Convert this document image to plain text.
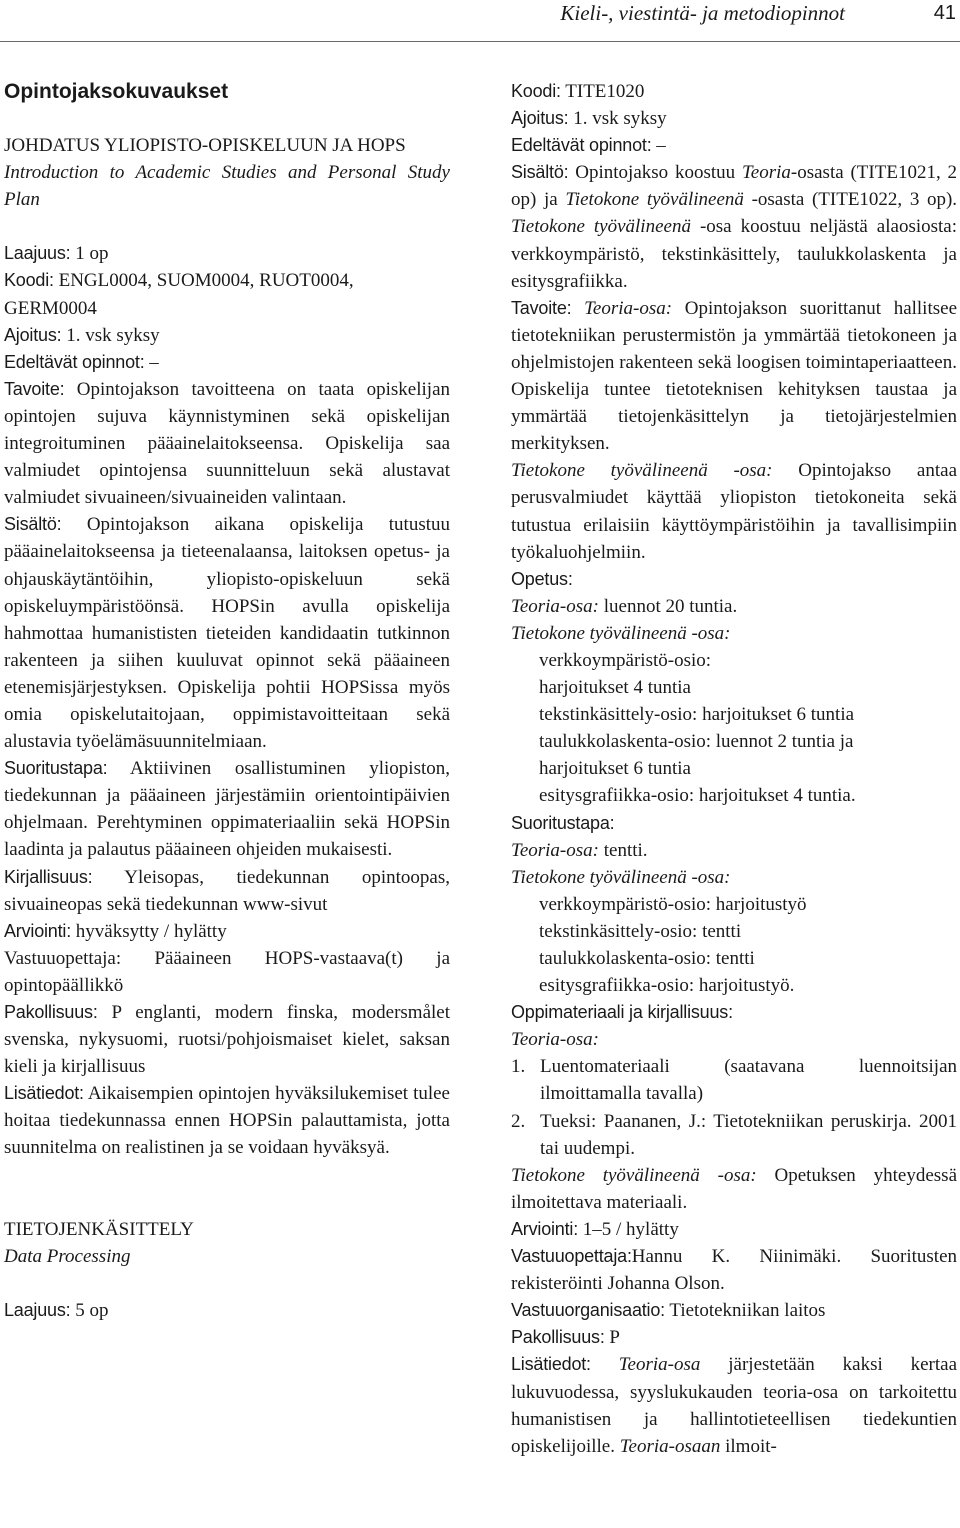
Kieli-, viestintä- ja metodiopinnot	41
Opintojaksokuvaukset

JOHDATUS YLIOPISTO-OPISKELUUN JA HOPS

Introduction to Academic Studies and Personal Study Plan

Laajuus: 1 op

Koodi: ENGL0004, SUOM0004, RUOT0004, GERM0004

Ajoitus: 1. vsk syksy

Edeltävät opinnot: –

Tavoite: Opintojakson tavoitteena on taata opiskelijan opintojen sujuva käynnistyminen sekä opiskelijan integroituminen pääainelaitokseensa. Opiskelija saa valmiudet opintojensa suunnitteluun sekä alustavat valmiudet sivuaineen/sivuaineiden valintaan.

Sisältö: Opintojakson aikana opiskelija tutustuu pääainelaitokseensa ja tieteenalaansa, laitoksen opetus- ja ohjauskäytäntöihin, yliopisto-opiskeluun sekä opiskeluympäristöönsä. HOPSin avulla opiskelija hahmottaa humanististen tieteiden kandidaatin tutkinnon rakenteen ja siihen kuuluvat opinnot sekä pääaineen etenemisjärjestyksen. Opiskelija pohtii HOPSissa myös omia opiskelutaitojaan, oppimistavoitteitaan sekä alustavia työelämäsuunnitelmiaan.

Suoritustapa: Aktiivinen osallistuminen yliopiston, tiedekunnan ja pääaineen järjestämiin orientointipäivien ohjelmaan. Perehtyminen oppimateriaaliin sekä HOPSin laadinta ja palautus pääaineen ohjeiden mukaisesti.

Kirjallisuus: Yleisopas, tiedekunnan opintoopas, sivuaineopas sekä tiedekunnan www-sivut

Arviointi: hyväksytty / hylätty

Vastuuopettaja: Pääaineen HOPS-vastaava(t) ja opintopäällikkö

Pakollisuus: P englanti, modern finska, modersmålet svenska, nykysuomi, ruotsi/pohjoismaiset kielet, saksan kieli ja kirjallisuus

Lisätiedot: Aikaisempien opintojen hyväksilukemiset tulee hoitaa tiedekunnassa ennen HOPSin palauttamista, jotta suunnitelma on realistinen ja se voidaan hyväksyä.

TIETOJENKÄSITTELY

Data Processing

Laajuus: 5 op

Koodi: TITE1020

Ajoitus: 1. vsk syksy

Edeltävät opinnot: –

Sisältö: Opintojakso koostuu Teoria-osasta (TITE1021, 2 op) ja Tietokone työvälineenä -osasta (TITE1022, 3 op). Tietokone työvälineenä -osa koostuu neljästä alaosiosta: verkkoympäristö, tekstinkäsittely, taulukkolaskenta ja esitysgrafiikka.

Tavoite: Teoria-osa: Opintojakson suorittanut hallitsee tietotekniikan perustermistön ja ymmärtää tietokoneen ja ohjelmistojen rakenteen sekä loogisen toimintaperiaatteen. Opiskelija tuntee tietoteknisen kehityksen taustaa ja ymmärtää tietojenkäsittelyn ja tietojärjestelmien merkityksen.

Tietokone työvälineenä -osa: Opintojakso antaa perusvalmiudet käyttää yliopiston tietokoneita sekä tutustua erilaisiin käyttöympäristöihin ja tavallisimpiin työkaluohjelmiin.

Opetus:

Teoria-osa: luennot 20 tuntia.

Tietokone työvälineenä -osa:

verkkoympäristö-osio: harjoitukset 4 tuntia

tekstinkäsittely-osio: harjoitukset 6 tuntia

taulukkolaskenta-osio: luennot 2 tuntia ja harjoitukset 6 tuntia

esitysgrafiikka-osio: harjoitukset 4 tuntia.

Suoritustapa:

Teoria-osa: tentti.

Tietokone työvälineenä -osa:

verkkoympäristö-osio: harjoitustyö

tekstinkäsittely-osio: tentti

taulukkolaskenta-osio: tentti

esitysgrafiikka-osio: harjoitustyö.

Oppimateriaali ja kirjallisuus:

Teoria-osa:

1. Luentomateriaali (saatavana luennoitsijan ilmoittamalla tavalla)
2. Tueksi: Paananen, J.: Tietotekniikan peruskirja. 2001 tai uudempi.

Tietokone työvälineenä -osa: Opetuksen yhteydessä ilmoitettava materiaali.

Arviointi: 1–5 / hylätty

Vastuuopettaja:Hannu K. Niinimäki. Suoritusten rekisteröinti Johanna Olson.

Vastuuorganisaatio: Tietotekniikan laitos

Pakollisuus: P

Lisätiedot: Teoria-osa järjestetään kaksi kertaa lukuvuodessa, syyslukukauden teoria-osa on tarkoitettu humanistisen ja hallintotieteellisen tiedekuntien opiskelijoille. Teoria-osaan ilmoit-
